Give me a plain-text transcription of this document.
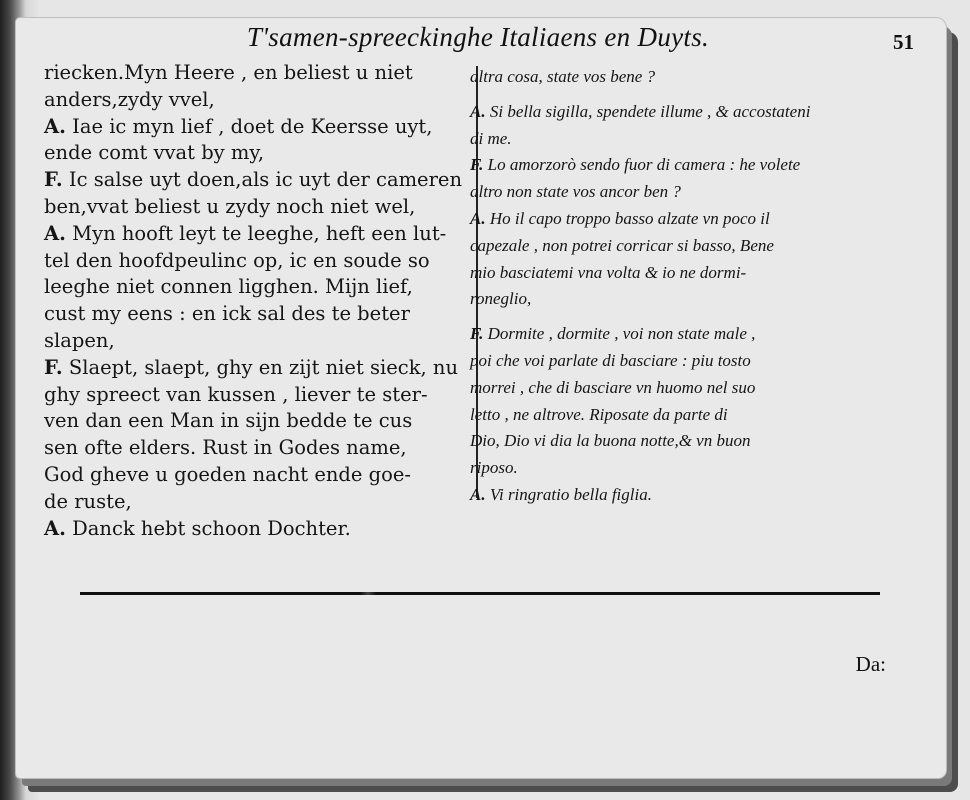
T'samen-spreeckinghe Italiaens en Duyts.	51
riecken.Myn Heere , en beliest u niet
anders,zydy vvel,
A. Iae ic myn lief , doet de Keersse uyt,
ende comt vvat by my,
F. Ic salse uyt doen,als ic uyt der cameren
ben,vvat beliest u zydy noch niet wel,
A. Myn hooft leyt te leeghe, heft een lut-
tel den hoofdpeulinc op, ic en soude so
leeghe niet connen ligghen. Mijn lief,
cust my eens : en ick sal des te beter
slapen,
F. Slaept, slaept, ghy en zijt niet sieck, nu
ghy spreect van kussen , liever te ster-
ven dan een Man in sijn bedde te cus
sen ofte elders. Rust in Godes name,
God gheve u goeden nacht ende goe-
de ruste,
A. Danck hebt schoon Dochter.
altra cosa, state vos bene ?
A. Si bella sigilla, spendete illume , & accostateni
di me.
F. Lo amorzorò sendo fuor di camera : he volete
altro non state vos ancor ben ?
A. Ho il capo troppo basso alzate vn poco il
capezale , non potrei corricar si basso, Bene
mio basciatemi vna volta & io ne dormi-
roneglio,
F. Dormite , dormite , voi non state male ,
poi che voi parlate di basciare : piu tosto
morrei , che di basciare vn huomo nel suo
letto , ne altrove. Riposate da parte di
Dio, Dio vi dia la buona notte,& vn buon
riposo.
A. Vi ringratio bella figlia.
Da:
